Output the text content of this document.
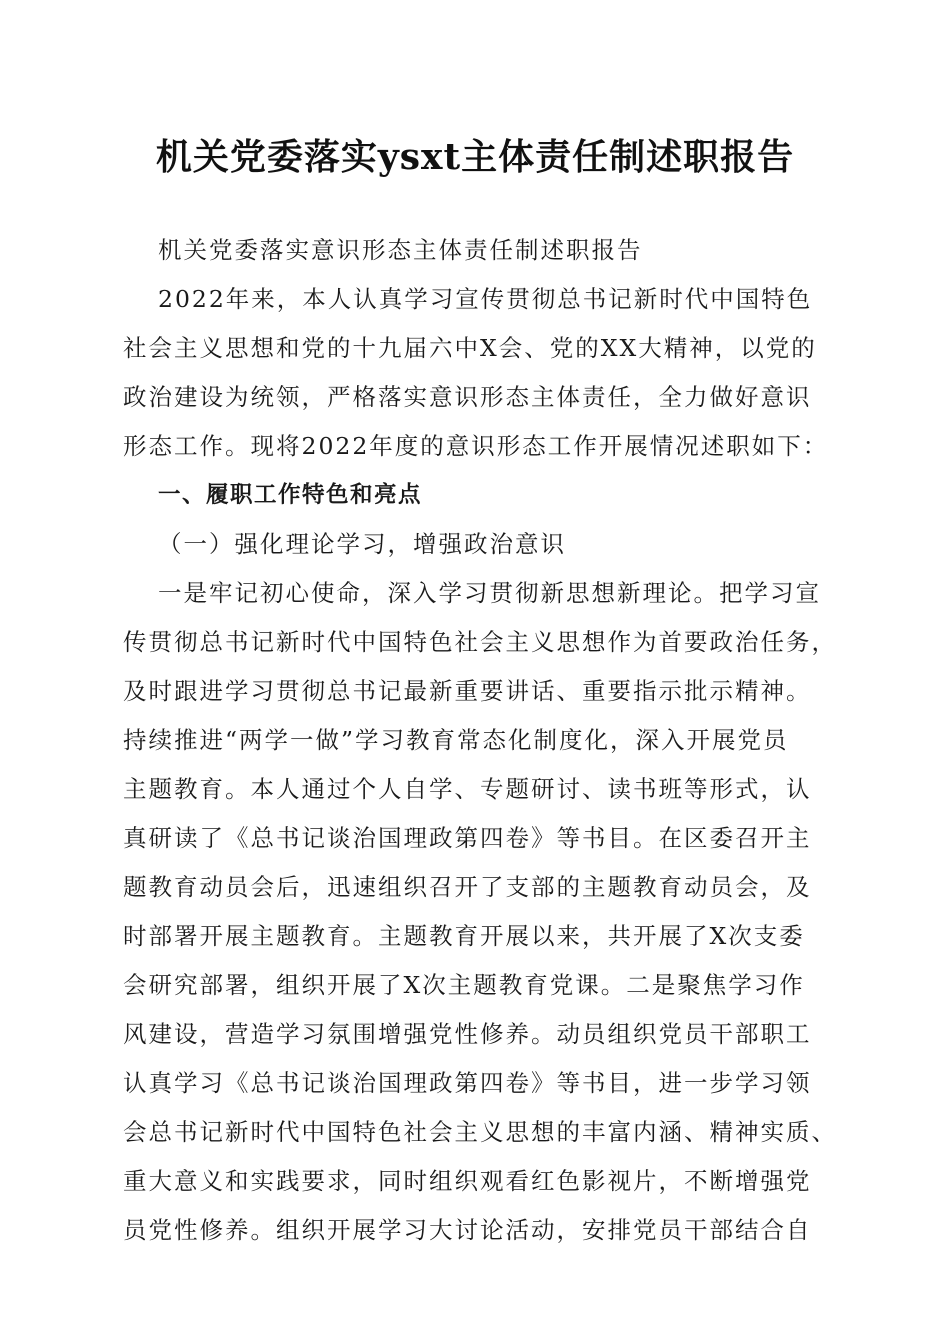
机关党委落实ysxt主体责任制述职报告
机关党委落实意识形态主体责任制述职报告
2022年来，本人认真学习宣传贯彻总书记新时代中国特色
社会主义思想和党的十九届六中X会、党的XX大精神，以党的
政治建设为统领，严格落实意识形态主体责任，全力做好意识
形态工作。现将2022年度的意识形态工作开展情况述职如下：
一、履职工作特色和亮点
（一）强化理论学习，增强政治意识
一是牢记初心使命，深入学习贯彻新思想新理论。把学习宣
传贯彻总书记新时代中国特色社会主义思想作为首要政治任务，
及时跟进学习贯彻总书记最新重要讲话、重要指示批示精神。
持续推进“两学一做”学习教育常态化制度化，深入开展党员
主题教育。本人通过个人自学、专题研讨、读书班等形式，认
真研读了《总书记谈治国理政第四卷》等书目。在区委召开主
题教育动员会后，迅速组织召开了支部的主题教育动员会，及
时部署开展主题教育。主题教育开展以来，共开展了X次支委
会研究部署，组织开展了X次主题教育党课。二是聚焦学习作
风建设，营造学习氛围增强党性修养。动员组织党员干部职工
认真学习《总书记谈治国理政第四卷》等书目，进一步学习领
会总书记新时代中国特色社会主义思想的丰富内涵、精神实质、
重大意义和实践要求，同时组织观看红色影视片，不断增强党
员党性修养。组织开展学习大讨论活动，安排党员干部结合自
